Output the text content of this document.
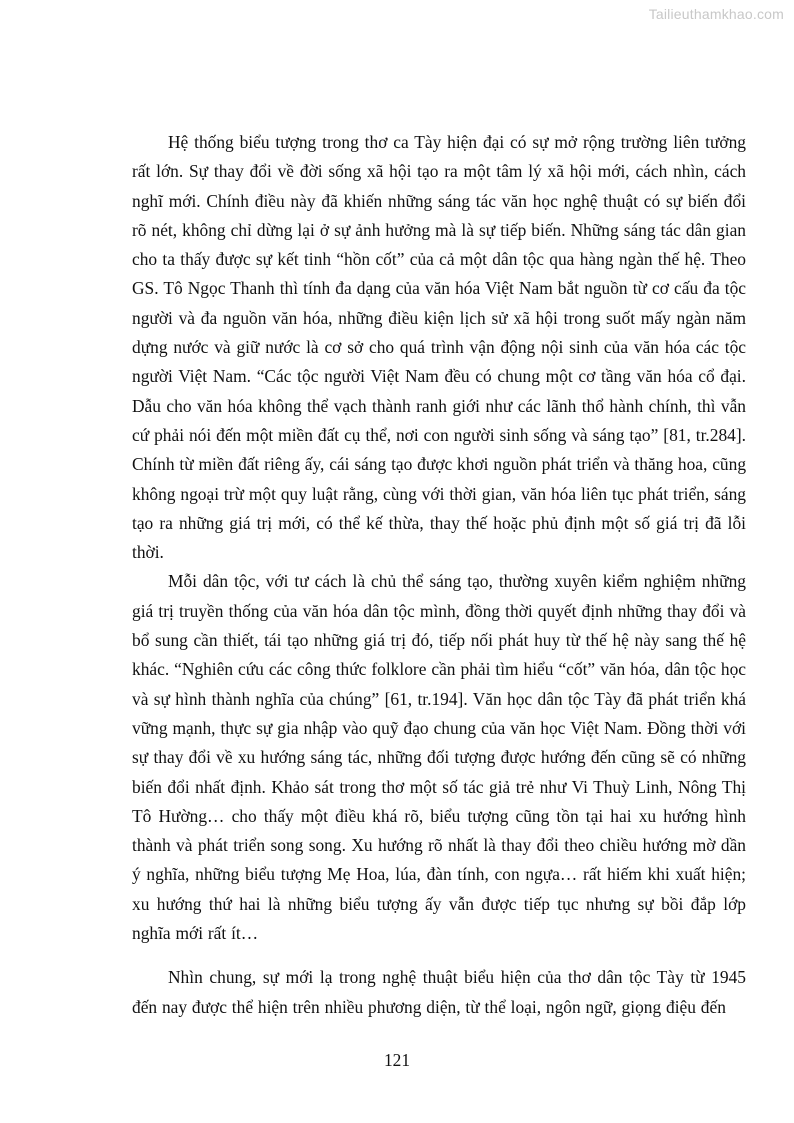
Tailieuthamkhao.com

Hệ thống biểu tượng trong thơ ca Tày hiện đại có sự mở rộng trường liên tưởng rất lớn. Sự thay đổi về đời sống xã hội tạo ra một tâm lý xã hội mới, cách nhìn, cách nghĩ mới. Chính điều này đã khiến những sáng tác văn học nghệ thuật có sự biến đổi rõ nét, không chỉ dừng lại ở sự ảnh hưởng mà là sự tiếp biến. Những sáng tác dân gian cho ta thấy được sự kết tinh “hồn cốt” của cả một dân tộc qua hàng ngàn thế hệ. Theo GS. Tô Ngọc Thanh thì tính đa dạng của văn hóa Việt Nam bắt nguồn từ cơ cấu đa tộc người và đa nguồn văn hóa, những điều kiện lịch sử xã hội trong suốt mấy ngàn năm dựng nước và giữ nước là cơ sở cho quá trình vận động nội sinh của văn hóa các tộc người Việt Nam. “Các tộc người Việt Nam đều có chung một cơ tầng văn hóa cổ đại. Dẫu cho văn hóa không thể vạch thành ranh giới như các lãnh thổ hành chính, thì vẫn cứ phải nói đến một miền đất cụ thể, nơi con người sinh sống và sáng tạo” [81, tr.284]. Chính từ miền đất riêng ấy, cái sáng tạo được khơi nguồn phát triển và thăng hoa, cũng không ngoại trừ một quy luật rằng, cùng với thời gian, văn hóa liên tục phát triển, sáng tạo ra những giá trị mới, có thể kế thừa, thay thế hoặc phủ định một số giá trị đã lỗi thời.

Mỗi dân tộc, với tư cách là chủ thể sáng tạo, thường xuyên kiểm nghiệm những giá trị truyền thống của văn hóa dân tộc mình, đồng thời quyết định những thay đổi và bổ sung cần thiết, tái tạo những giá trị đó, tiếp nối phát huy từ thế hệ này sang thế hệ khác. “Nghiên cứu các công thức folklore cần phải tìm hiểu “cốt” văn hóa, dân tộc học và sự hình thành nghĩa của chúng” [61, tr.194]. Văn học dân tộc Tày đã phát triển khá vững mạnh, thực sự gia nhập vào quỹ đạo chung của văn học Việt Nam. Đồng thời với sự thay đổi về xu hướng sáng tác, những đối tượng được hướng đến cũng sẽ có những biến đổi nhất định. Khảo sát trong thơ một số tác giả trẻ như Vi Thuỳ Linh, Nông Thị Tô Hường… cho thấy một điều khá rõ, biểu tượng cũng tồn tại hai xu hướng hình thành và phát triển song song. Xu hướng rõ nhất là thay đổi theo chiều hướng mờ dần ý nghĩa, những biểu tượng Mẹ Hoa, lúa, đàn tính, con ngựa… rất hiếm khi xuất hiện; xu hướng thứ hai là những biểu tượng ấy vẫn được tiếp tục nhưng sự bồi đắp lớp nghĩa mới rất ít…

Nhìn chung, sự mới lạ trong nghệ thuật biểu hiện của thơ dân tộc Tày từ 1945 đến nay được thể hiện trên nhiều phương diện, từ thể loại, ngôn ngữ, giọng điệu đến

121
